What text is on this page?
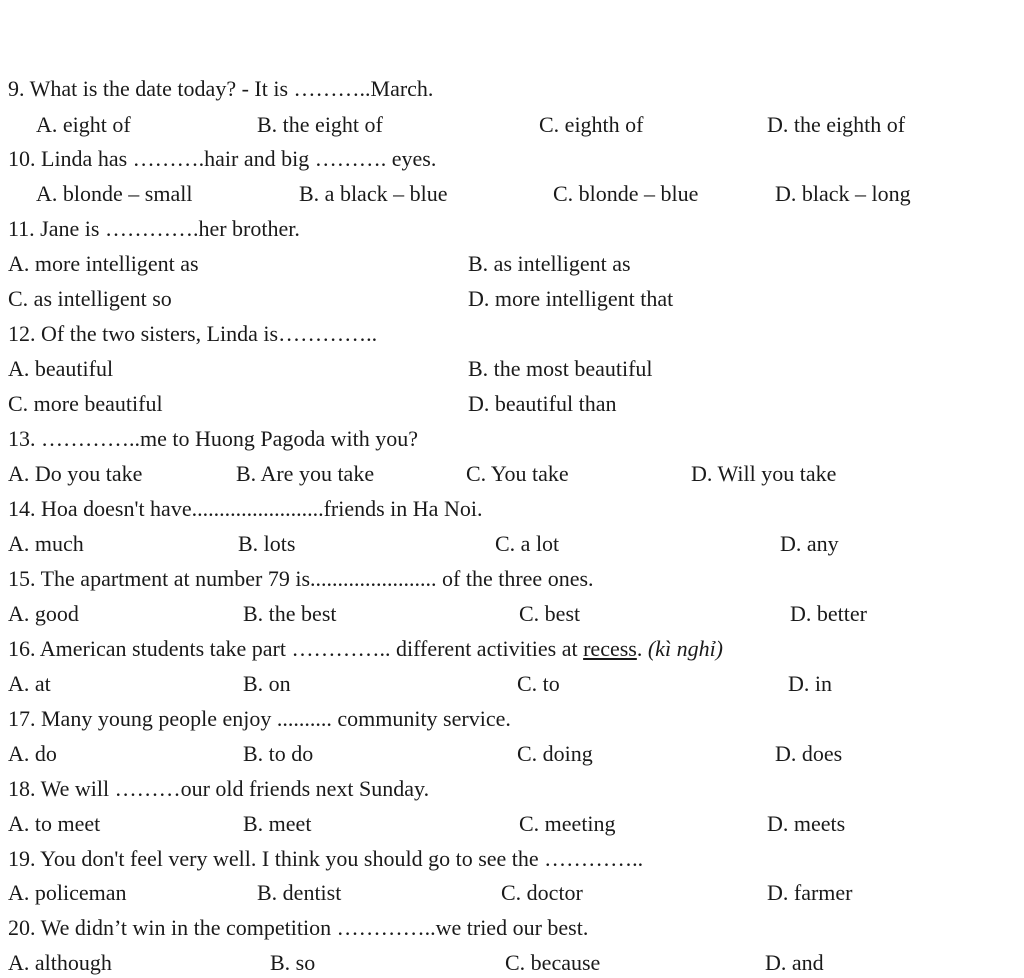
9. What is the date today? - It is ………..March.
A. eight of	B. the eight of	C. eighth of	D. the eighth of
10. Linda has ……….hair and big ………. eyes.
A. blonde – small	B. a black – blue	C. blonde – blue	D. black – long
11. Jane is ………….her brother.
A. more intelligent as	B. as intelligent as
C. as intelligent so	D. more intelligent that
12. Of the two sisters, Linda is…………..
A. beautiful	B. the most beautiful
C. more beautiful	D. beautiful than
13. …………..me to Huong Pagoda with you?
A. Do you take	B. Are you take	C. You take	D. Will you take
14. Hoa doesn't have........................friends in Ha Noi.
A. much	B. lots	C. a lot	D. any
15. The apartment at number 79 is....................... of the three ones.
A. good	B. the best	C. best	D. better
16. American students take part ………….. different activities at recess. (kì nghỉ)
A. at	B. on	C. to	D. in
17. Many young people enjoy .......... community service.
A. do	B. to do	C. doing	D. does
18. We will ………our old friends next Sunday.
A. to meet	B. meet	C. meeting	D. meets
19. You don't feel very well. I think you should go to see the …………..
A. policeman	B. dentist	C. doctor	D. farmer
20. We didn’t win in the competition …………..we tried our best.
A. although	B. so	C. because	D. and
